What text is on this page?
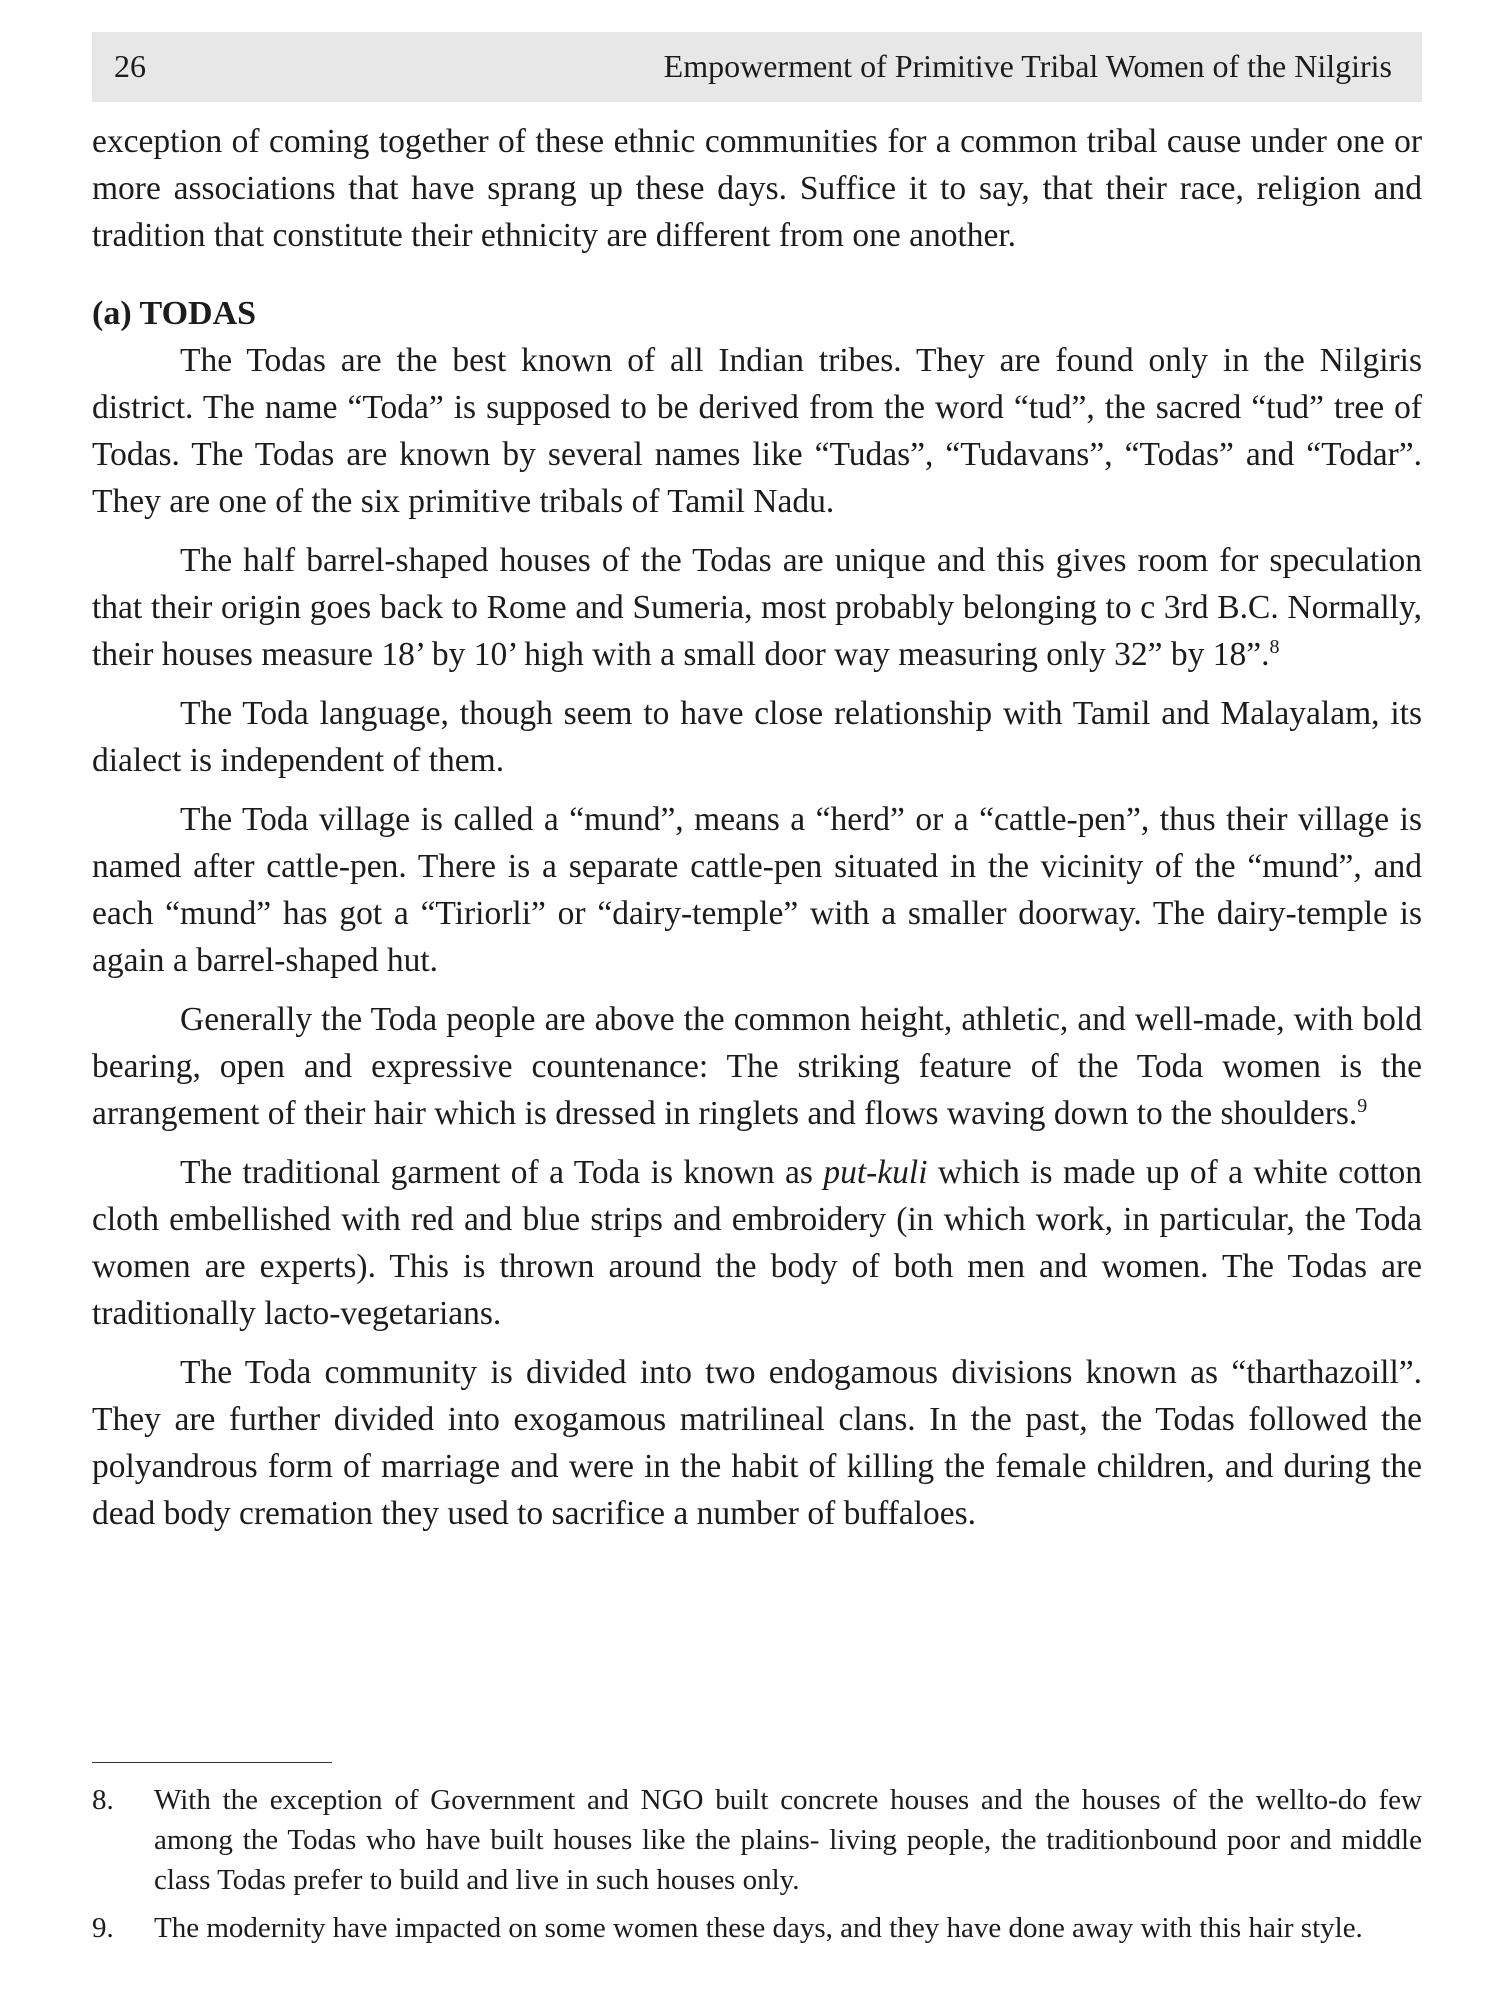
26	Empowerment of Primitive Tribal Women of the Nilgiris

exception of coming together of these ethnic communities for a common tribal cause under one or more associations that have sprang up these days. Suffice it to say, that their race, religion and tradition that constitute their ethnicity are different from one another.

(a) TODAS

The Todas are the best known of all Indian tribes. They are found only in the Nilgiris district. The name “Toda” is supposed to be derived from the word “tud”, the sacred “tud” tree of Todas. The Todas are known by several names like “Tudas”, “Tudavans”, “Todas” and “Todar”. They are one of the six primitive tribals of Tamil Nadu.

The half barrel-shaped houses of the Todas are unique and this gives room for speculation that their origin goes back to Rome and Sumeria, most probably belonging to c 3rd B.C. Normally, their houses measure 18’ by 10’ high with a small door way measuring only 32” by 18”.$^8$

The Toda language, though seem to have close relationship with Tamil and Malayalam, its dialect is independent of them.

The Toda village is called a “mund”, means a “herd” or a “cattle-pen”, thus their village is named after cattle-pen. There is a separate cattle-pen situated in the vicinity of the “mund”, and each “mund” has got a “Tiriorli” or “dairy-temple” with a smaller doorway. The dairy-temple is again a barrel-shaped hut.

Generally the Toda people are above the common height, athletic, and well-made, with bold bearing, open and expressive countenance: The striking feature of the Toda women is the arrangement of their hair which is dressed in ringlets and flows waving down to the shoulders.$^9$

The traditional garment of a Toda is known as put-kuli which is made up of a white cotton cloth embellished with red and blue strips and embroidery (in which work, in particular, the Toda women are experts). This is thrown around the body of both men and women. The Todas are traditionally lacto-vegetarians.

The Toda community is divided into two endogamous divisions known as “tharthazoill”. They are further divided into exogamous matrilineal clans. In the past, the Todas followed the polyandrous form of marriage and were in the habit of killing the female children, and during the dead body cremation they used to sacrifice a number of buffaloes.

8.	With the exception of Government and NGO built concrete houses and the houses of the wellto-do few among the Todas who have built houses like the plains- living people, the traditionbound poor and middle class Todas prefer to build and live in such houses only.
9.	The modernity have impacted on some women these days, and they have done away with this hair style.
